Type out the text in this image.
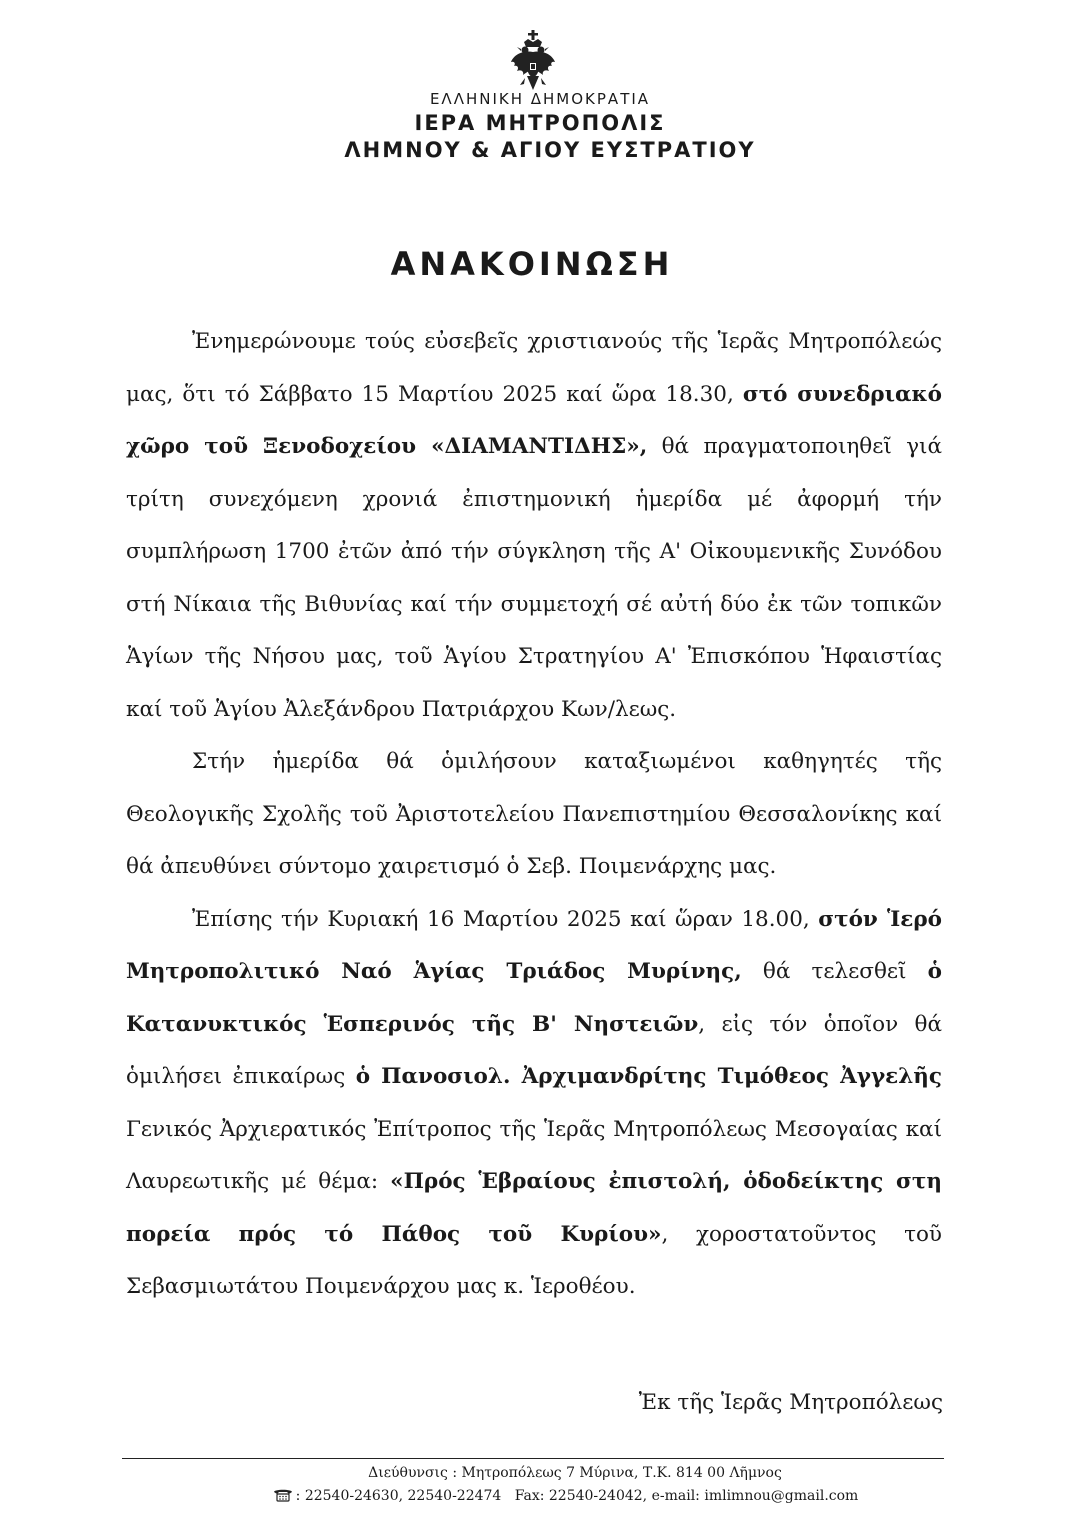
ΕΛΛΗΝΙΚΗ ΔΗΜΟΚΡΑΤΙΑ
ΙΕΡΑ ΜΗΤΡΟΠΟΛΙΣ
ΛΗΜΝΟΥ & ΑΓΙΟΥ ΕΥΣΤΡΑΤΙΟΥ
ΑΝΑΚΟΙΝΩΣΗ

Ἐνημερώνουμε τούς εὐσεβεῖς χριστιανούς τῆς Ἱερᾶς Μητροπόλεώς μας, ὅτι τό Σάββατο 15 Μαρτίου 2025 καί ὥρα 18.30, στό συνεδριακό χῶρο τοῦ Ξενοδοχείου «ΔΙΑΜΑΝΤΙΔΗΣ», θά πραγματοποιηθεῖ γιά τρίτη συνεχόμενη χρονιά ἐπιστημονική ἡμερίδα μέ ἀφορμή τήν συμπλήρωση 1700 ἐτῶν ἀπό τήν σύγκληση τῆς Α' Οἰκουμενικῆς Συνόδου στή Νίκαια τῆς Βιθυνίας καί τήν συμμετοχή σέ αὐτή δύο ἐκ τῶν τοπικῶν Ἁγίων τῆς Νήσου μας, τοῦ Ἁγίου Στρατηγίου Α' Ἐπισκόπου Ἡφαιστίας καί τοῦ Ἁγίου Ἀλεξάνδρου Πατριάρχου Κων/λεως.

Στήν ἡμερίδα θά ὁμιλήσουν καταξιωμένοι καθηγητές τῆς Θεολογικῆς Σχολῆς τοῦ Ἀριστοτελείου Πανεπιστημίου Θεσσαλονίκης καί θά ἀπευθύνει σύντομο χαιρετισμό ὁ Σεβ. Ποιμενάρχης μας.

Ἐπίσης τήν Κυριακή 16 Μαρτίου 2025 καί ὥραν 18.00, στόν Ἱερό Μητροπολιτικό Ναό Ἁγίας Τριάδος Μυρίνης, θά τελεσθεῖ ὁ Κατανυκτικός Ἑσπερινός τῆς Β' Νηστειῶν, εἰς τόν ὁποῖον θά ὁμιλήσει ἐπικαίρως ὁ Πανοσιολ. Ἀρχιμανδρίτης Τιμόθεος Ἀγγελῆς Γενικός Ἀρχιερατικός Ἐπίτροπος τῆς Ἱερᾶς Μητροπόλεως Μεσογαίας καί Λαυρεωτικῆς μέ θέμα: «Πρός Ἑβραίους ἐπιστολή, ὁδοδείκτης στη πορεία πρός τό Πάθος τοῦ Κυρίου», χοροστατοῦντος τοῦ Σεβασμιωτάτου Ποιμενάρχου μας κ. Ἱεροθέου.

Ἐκ τῆς Ἱερᾶς Μητροπόλεως
Διεύθυνσις : Μητροπόλεως 7 Μύρινα, Τ.Κ. 814 00 Λῆμνος
: 22540-24630, 22540-22474 Fax: 22540-24042, e-mail: imlimnou@gmail.com
